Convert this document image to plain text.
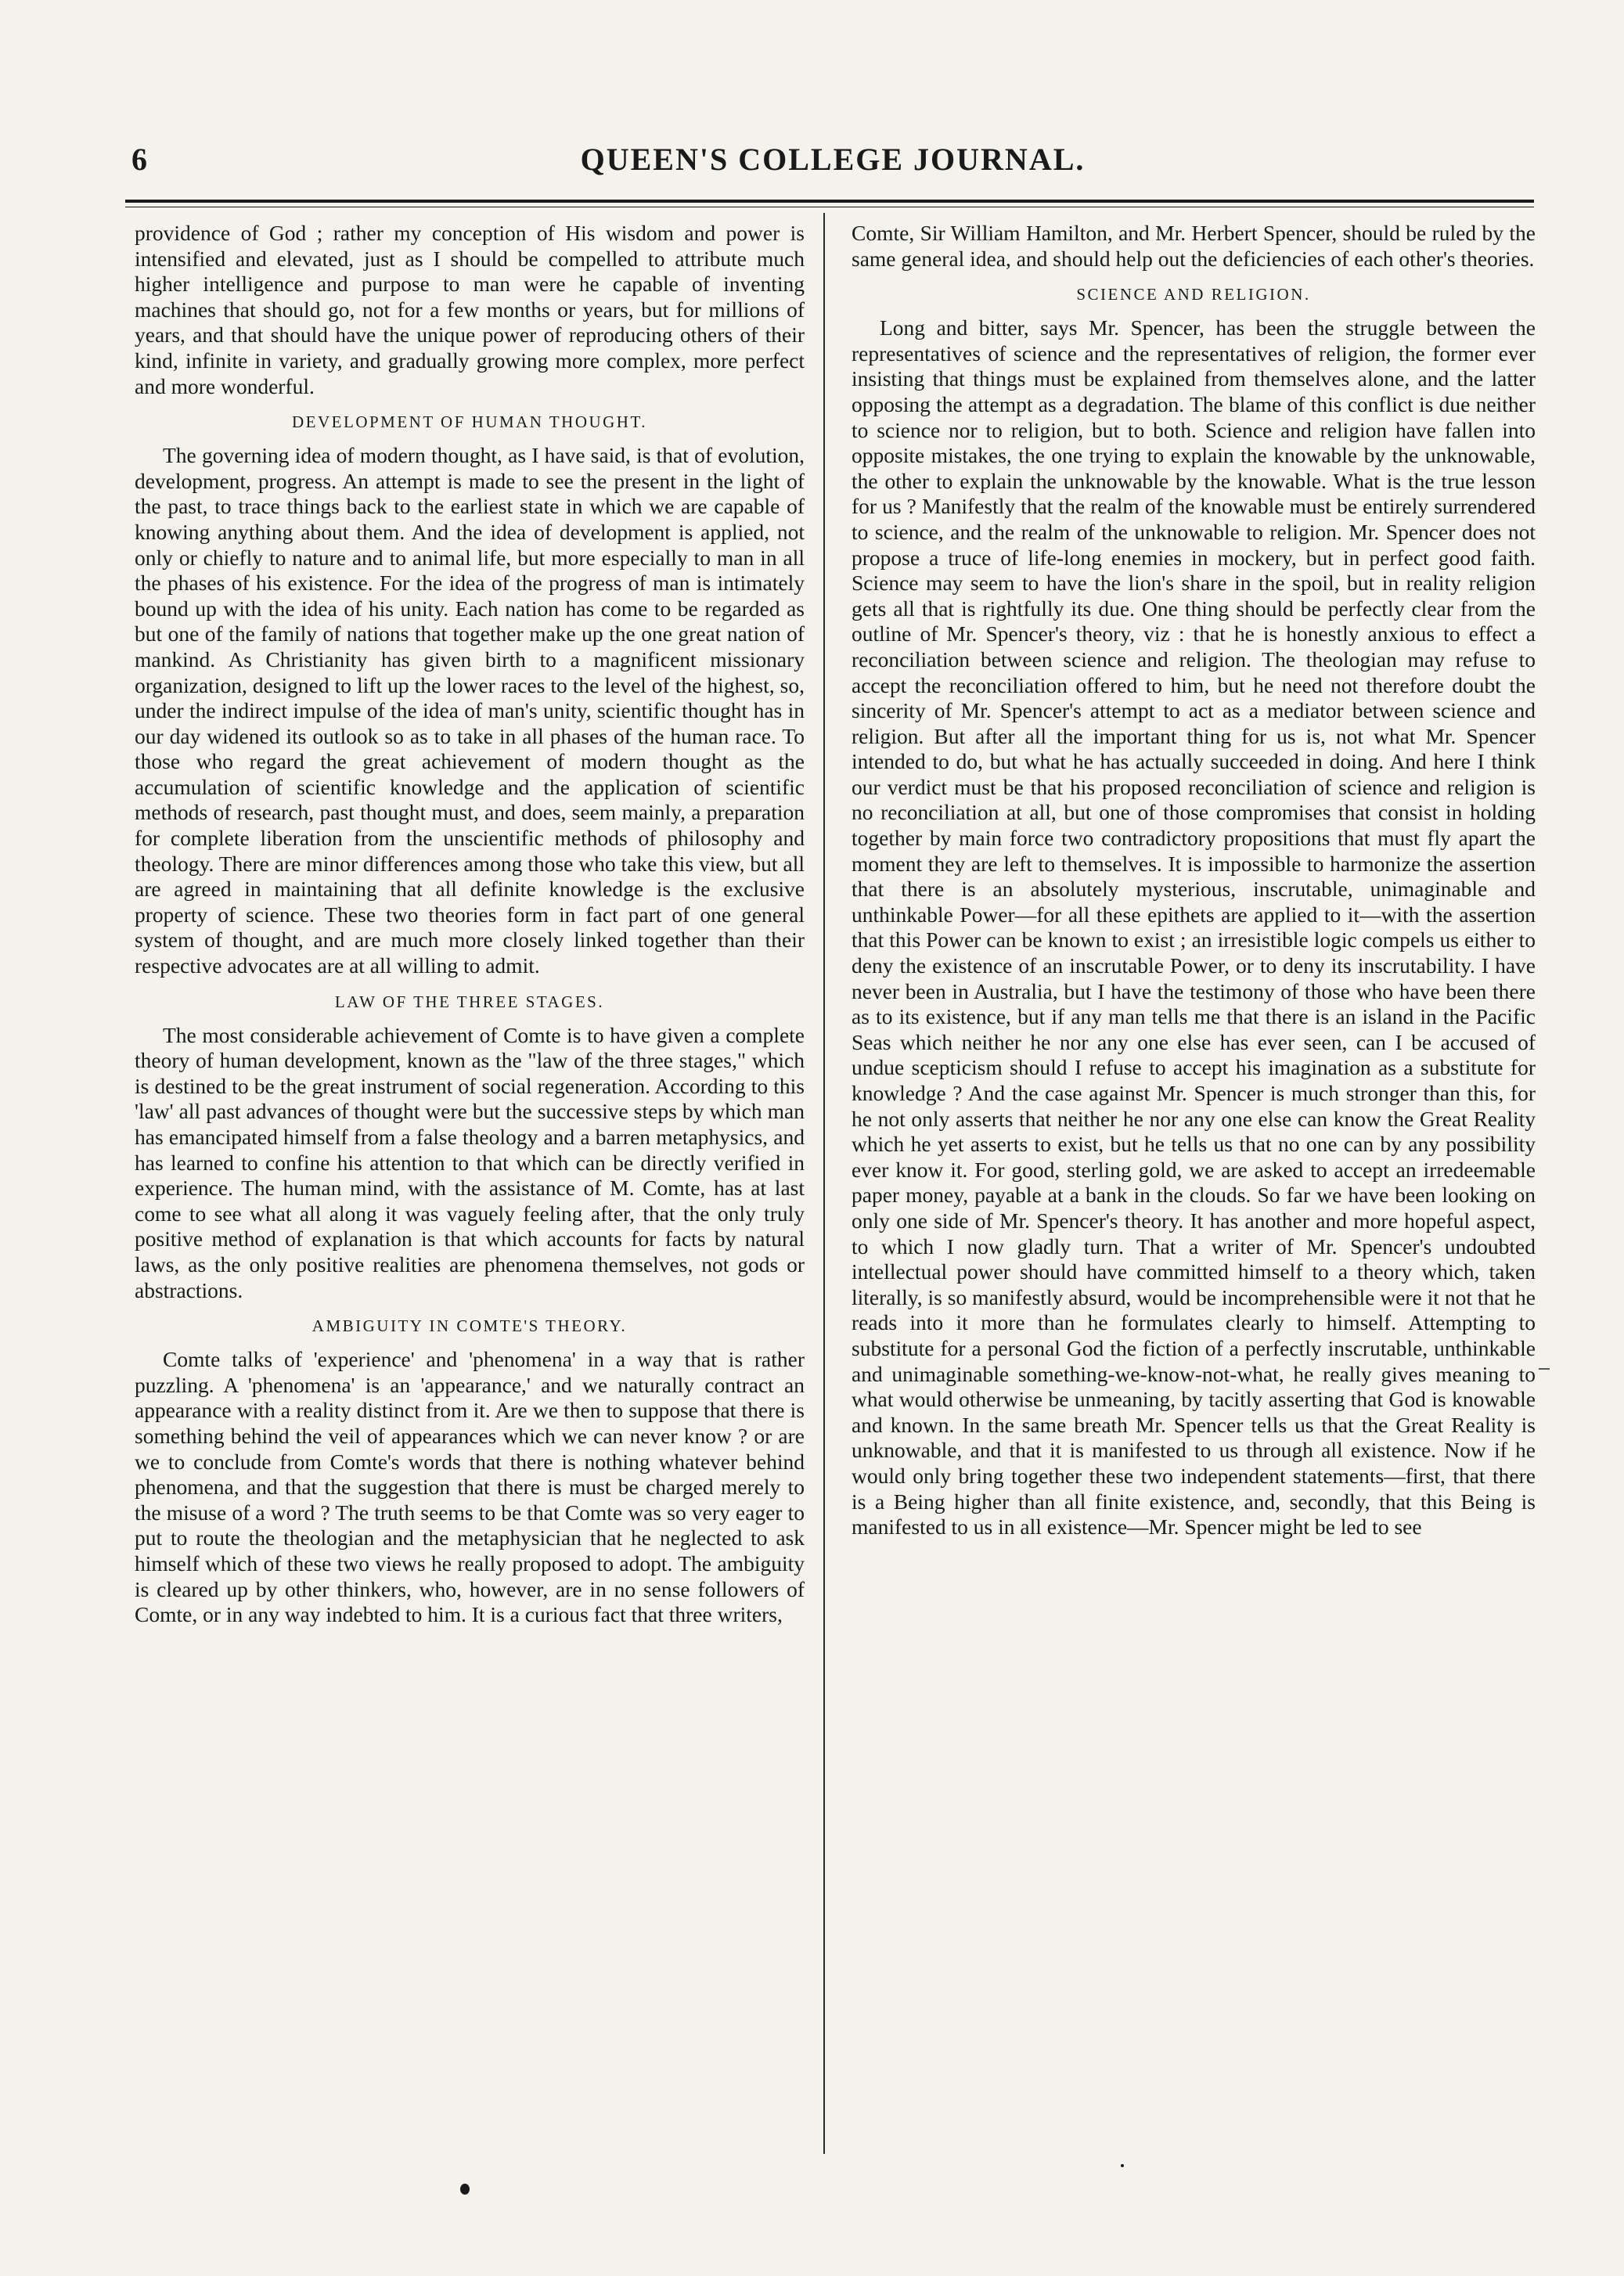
6	QUEEN'S COLLEGE JOURNAL.

providence of God ; rather my conception of His wisdom and power is intensified and elevated, just as I should be compelled to attribute much higher intelligence and purpose to man were he capable of inventing machines that should go, not for a few months or years, but for millions of years, and that should have the unique power of reproducing others of their kind, infinite in variety, and gradually growing more complex, more perfect and more wonderful.

DEVELOPMENT OF HUMAN THOUGHT.

The governing idea of modern thought, as I have said, is that of evolution, development, progress. An attempt is made to see the present in the light of the past, to trace things back to the earliest state in which we are capable of knowing anything about them. And the idea of development is applied, not only or chiefly to nature and to animal life, but more especially to man in all the phases of his existence. For the idea of the progress of man is intimately bound up with the idea of his unity. Each nation has come to be regarded as but one of the family of nations that together make up the one great nation of mankind. As Christianity has given birth to a magnificent missionary organization, designed to lift up the lower races to the level of the highest, so, under the indirect impulse of the idea of man's unity, scientific thought has in our day widened its outlook so as to take in all phases of the human race. To those who regard the great achievement of modern thought as the accumulation of scientific knowledge and the application of scientific methods of research, past thought must, and does, seem mainly, a preparation for complete liberation from the unscientific methods of philosophy and theology. There are minor differences among those who take this view, but all are agreed in maintaining that all definite knowledge is the exclusive property of science. These two theories form in fact part of one general system of thought, and are much more closely linked together than their respective advocates are at all willing to admit.

LAW OF THE THREE STAGES.

The most considerable achievement of Comte is to have given a complete theory of human development, known as the "law of the three stages," which is destined to be the great instrument of social regeneration. According to this 'law' all past advances of thought were but the successive steps by which man has emancipated himself from a false theology and a barren metaphysics, and has learned to confine his attention to that which can be directly verified in experience. The human mind, with the assistance of M. Comte, has at last come to see what all along it was vaguely feeling after, that the only truly positive method of explanation is that which accounts for facts by natural laws, as the only positive realities are phenomena themselves, not gods or abstractions.

AMBIGUITY IN COMTE'S THEORY.

Comte talks of 'experience' and 'phenomena' in a way that is rather puzzling. A 'phenomena' is an 'appearance,' and we naturally contract an appearance with a reality distinct from it. Are we then to suppose that there is something behind the veil of appearances which we can never know ? or are we to conclude from Comte's words that there is nothing whatever behind phenomena, and that the suggestion that there is must be charged merely to the misuse of a word ? The truth seems to be that Comte was so very eager to put to route the theologian and the metaphysician that he neglected to ask himself which of these two views he really proposed to adopt. The ambiguity is cleared up by other thinkers, who, however, are in no sense followers of Comte, or in any way indebted to him. It is a curious fact that three writers,

Comte, Sir William Hamilton, and Mr. Herbert Spencer, should be ruled by the same general idea, and should help out the deficiencies of each other's theories.

SCIENCE AND RELIGION.

Long and bitter, says Mr. Spencer, has been the struggle between the representatives of science and the representatives of religion, the former ever insisting that things must be explained from themselves alone, and the latter opposing the attempt as a degradation. The blame of this conflict is due neither to science nor to religion, but to both. Science and religion have fallen into opposite mistakes, the one trying to explain the knowable by the unknowable, the other to explain the unknowable by the knowable. What is the true lesson for us ? Manifestly that the realm of the knowable must be entirely surrendered to science, and the realm of the unknowable to religion. Mr. Spencer does not propose a truce of life-long enemies in mockery, but in perfect good faith. Science may seem to have the lion's share in the spoil, but in reality religion gets all that is rightfully its due. One thing should be perfectly clear from the outline of Mr. Spencer's theory, viz : that he is honestly anxious to effect a reconciliation between science and religion. The theologian may refuse to accept the reconciliation offered to him, but he need not therefore doubt the sincerity of Mr. Spencer's attempt to act as a mediator between science and religion. But after all the important thing for us is, not what Mr. Spencer intended to do, but what he has actually succeeded in doing. And here I think our verdict must be that his proposed reconciliation of science and religion is no reconciliation at all, but one of those compromises that consist in holding together by main force two contradictory propositions that must fly apart the moment they are left to themselves. It is impossible to harmonize the assertion that there is an absolutely mysterious, inscrutable, unimaginable and unthinkable Power—for all these epithets are applied to it—with the assertion that this Power can be known to exist ; an irresistible logic compels us either to deny the existence of an inscrutable Power, or to deny its inscrutability. I have never been in Australia, but I have the testimony of those who have been there as to its existence, but if any man tells me that there is an island in the Pacific Seas which neither he nor any one else has ever seen, can I be accused of undue scepticism should I refuse to accept his imagination as a substitute for knowledge ? And the case against Mr. Spencer is much stronger than this, for he not only asserts that neither he nor any one else can know the Great Reality which he yet asserts to exist, but he tells us that no one can by any possibility ever know it. For good, sterling gold, we are asked to accept an irredeemable paper money, payable at a bank in the clouds. So far we have been looking on only one side of Mr. Spencer's theory. It has another and more hopeful aspect, to which I now gladly turn. That a writer of Mr. Spencer's undoubted intellectual power should have committed himself to a theory which, taken literally, is so manifestly absurd, would be incomprehensible were it not that he reads into it more than he formulates clearly to himself. Attempting to substitute for a personal God the fiction of a perfectly inscrutable, unthinkable and unimaginable something-we-know-not-what, he really gives meaning to what would otherwise be unmeaning, by tacitly asserting that God is knowable and known. In the same breath Mr. Spencer tells us that the Great Reality is unknowable, and that it is manifested to us through all existence. Now if he would only bring together these two independent statements—first, that there is a Being higher than all finite existence, and, secondly, that this Being is manifested to us in all existence—Mr. Spencer might be led to see
